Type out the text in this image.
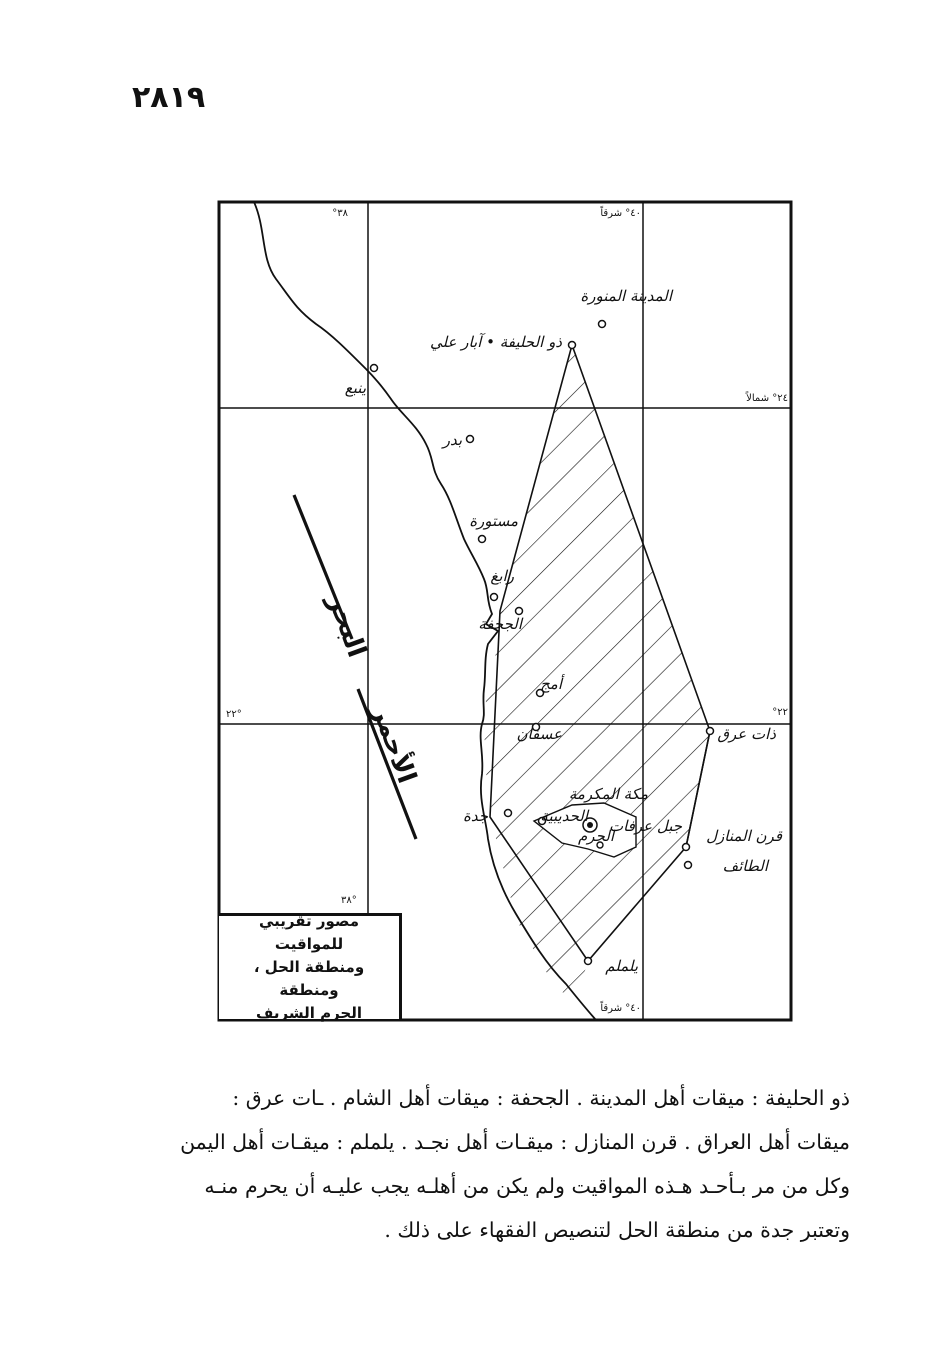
٢٨١٩
٣٨°	٤٠° شرقاً
٢٤° شمالاً
٢٢°	٢٢°
٣٨°
٤٠° شرقاً
المدينة المنورة
ذو الحليفة • آبار علي
ينبع
بدر
مستورة
رابغ
الجحفة
أمج
عسفان	ذات عرق
مكة المكرمة
الحديبية
جدة
الحرم
جبل عرفات
قرن المنازل
الطائف
يلملم
البحر
الأحمر
مصور تقريبي للمواقيت
ومنطقة الحل ، ومنطقة
الحرم الشريف

ذو الحليفة : ميقات أهل المدينة . الجحفة : ميقات أهل الشام . ـات عرق :

ميقات أهل العراق . قرن المنازل : ميقـات أهل نجـد . يلملم : ميقـات أهل اليمن

وكل من مر بـأحـد هـذه المواقيت ولم يكن من أهلـه يجب عليـه أن يحرم منـه

وتعتبر جدة من منطقة الحل لتنصيص الفقهاء على ذلك .
